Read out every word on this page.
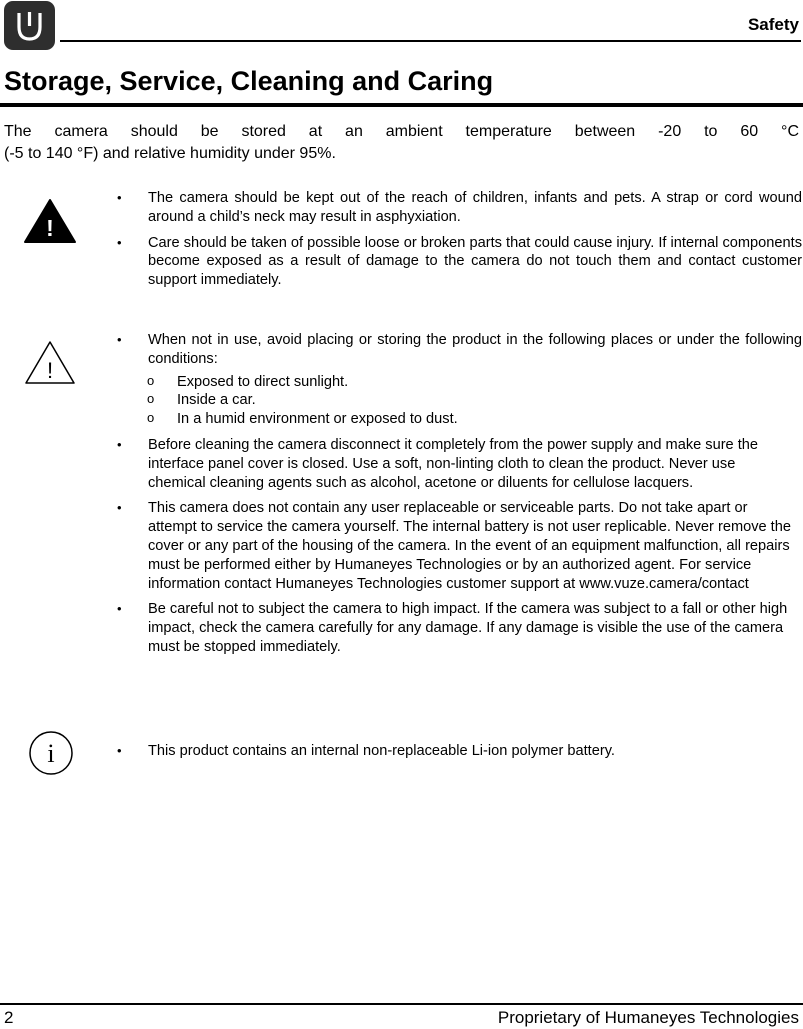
Safety
Storage, Service, Cleaning and Caring
The camera should be stored at an ambient temperature between -20 to 60 °C
(-5 to 140 °F) and relative humidity under 95%.
!
• The camera should be kept out of the reach of children, infants and pets. A strap or cord wound around a child’s neck may result in asphyxiation.
• Care should be taken of possible loose or broken parts that could cause injury. If internal components become exposed as a result of damage to the camera do not touch them and contact customer support immediately.
!
• When not in use, avoid placing or storing the product in the following places or under the following conditions:
o Exposed to direct sunlight.
o Inside a car.
o In a humid environment or exposed to dust.
• Before cleaning the camera disconnect it completely from the power supply and make sure the interface panel cover is closed. Use a soft, non-linting cloth to clean the product. Never use chemical cleaning agents such as alcohol, acetone or diluents for cellulose lacquers.
• This camera does not contain any user replaceable or serviceable parts. Do not take apart or attempt to service the camera yourself. The internal battery is not user replicable. Never remove the cover or any part of the housing of the camera. In the event of an equipment malfunction, all repairs must be performed either by Humaneyes Technologies or by an authorized agent. For service information contact Humaneyes Technologies customer support at www.vuze.camera/contact
• Be careful not to subject the camera to high impact. If the camera was subject to a fall or other high impact, check the camera carefully for any damage. If any damage is visible the use of the camera must be stopped immediately.
i
•	This product contains an internal non-replaceable Li-ion polymer battery.
2	Proprietary of Humaneyes Technologies
